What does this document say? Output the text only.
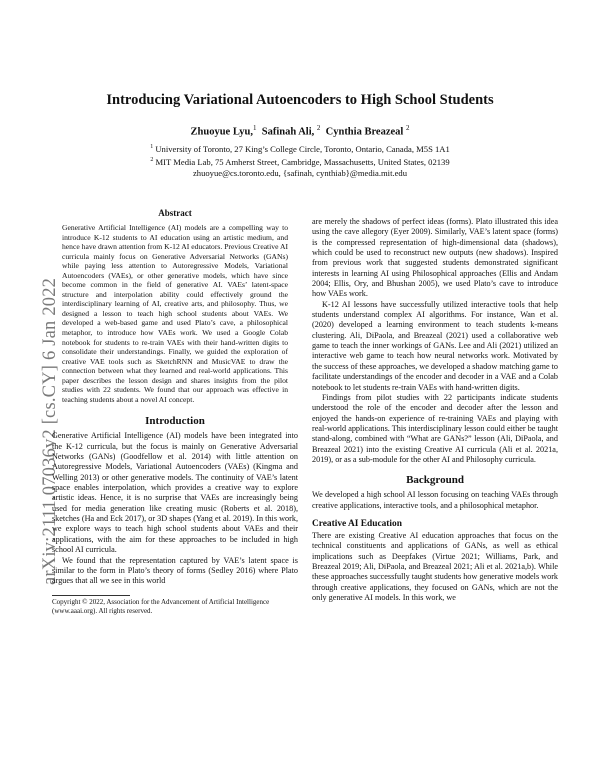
arXiv:2111.07036v2 [cs.CY] 6 Jan 2022
Introducing Variational Autoencoders to High School Students
Zhuoyue Lyu,$^1$ Safinah Ali, $^2$ Cynthia Breazeal $^2$
$^1$ University of Toronto, 27 King’s College Circle, Toronto, Ontario, Canada, M5S 1A1
$^2$ MIT Media Lab, 75 Amherst Street, Cambridge, Massachusetts, United States, 02139
zhuoyue@cs.toronto.edu, {safinah, cynthiab}@media.mit.edu
Abstract
Generative Artificial Intelligence (AI) models are a compelling way to introduce K-12 students to AI education using an artistic medium, and hence have drawn attention from K-12 AI educators. Previous Creative AI curricula mainly focus on Generative Adversarial Networks (GANs) while paying less attention to Autoregressive Models, Variational Autoencoders (VAEs), or other generative models, which have since become common in the field of generative AI. VAEs’ latent-space structure and interpolation ability could effectively ground the interdisciplinary learning of AI, creative arts, and philosophy. Thus, we designed a lesson to teach high school students about VAEs. We developed a web-based game and used Plato’s cave, a philosophical metaphor, to introduce how VAEs work. We used a Google Colab notebook for students to re-train VAEs with their hand-written digits to consolidate their understandings. Finally, we guided the exploration of creative VAE tools such as SketchRNN and MusicVAE to draw the connection between what they learned and real-world applications. This paper describes the lesson design and shares insights from the pilot studies with 22 students. We found that our approach was effective in teaching students about a novel AI concept.
Introduction

Generative Artificial Intelligence (AI) models have been integrated into the K-12 curricula, but the focus is mainly on Generative Adversarial Networks (GANs) (Goodfellow et al. 2014) with little attention on Autoregressive Models, Variational Autoencoders (VAEs) (Kingma and Welling 2013) or other generative models. The continuity of VAE’s latent space enables interpolation, which provides a creative way to explore artistic ideas. Hence, it is no surprise that VAEs are increasingly being used for media generation like creating music (Roberts et al. 2018), sketches (Ha and Eck 2017), or 3D shapes (Yang et al. 2019). In this work, we explore ways to teach high school students about VAEs and their applications, with the aim for these approaches to be included in high school AI curricula.

We found that the representation captured by VAE’s latent space is similar to the form in Plato’s theory of forms (Sedley 2016) where Plato argues that all we see in this world

Copyright © 2022, Association for the Advancement of Artificial Intelligence (www.aaai.org). All rights reserved.

are merely the shadows of perfect ideas (forms). Plato illustrated this idea using the cave allegory (Eyer 2009). Similarly, VAE’s latent space (forms) is the compressed representation of high-dimensional data (shadows), which could be used to reconstruct new outputs (new shadows). Inspired from previous work that suggested students demonstrated significant interests in learning AI using Philosophical approaches (Ellis and Andam 2004; Ellis, Ory, and Bhushan 2005), we used Plato’s cave to introduce how VAEs work.

K-12 AI lessons have successfully utilized interactive tools that help students understand complex AI algorithms. For instance, Wan et al. (2020) developed a learning environment to teach students k-means clustering. Ali, DiPaola, and Breazeal (2021) used a collaborative web game to teach the inner workings of GANs. Lee and Ali (2021) utilized an interactive web game to teach how neural networks work. Motivated by the success of these approaches, we developed a shadow matching game to facilitate understandings of the encoder and decoder in a VAE and a Colab notebook to let students re-train VAEs with hand-written digits.

Findings from pilot studies with 22 participants indicate students understood the role of the encoder and decoder after the lesson and enjoyed the hands-on experience of re-training VAEs and playing with real-world applications. This interdisciplinary lesson could either be taught stand-along, combined with “What are GANs?” lesson (Ali, DiPaola, and Breazeal 2021) into the existing Creative AI curricula (Ali et al. 2021a, 2019), or as a sub-module for the other AI and Philosophy curricula.

Background

We developed a high school AI lesson focusing on teaching VAEs through creative applications, interactive tools, and a philosophical metaphor.

Creative AI Education

There are existing Creative AI education approaches that focus on the technical constituents and applications of GANs, as well as ethical implications such as Deepfakes (Virtue 2021; Williams, Park, and Breazeal 2019; Ali, DiPaola, and Breazeal 2021; Ali et al. 2021a,b). While these approaches successfully taught students how generative models work through creative applications, they focused on GANs, which are not the only generative AI models. In this work, we
